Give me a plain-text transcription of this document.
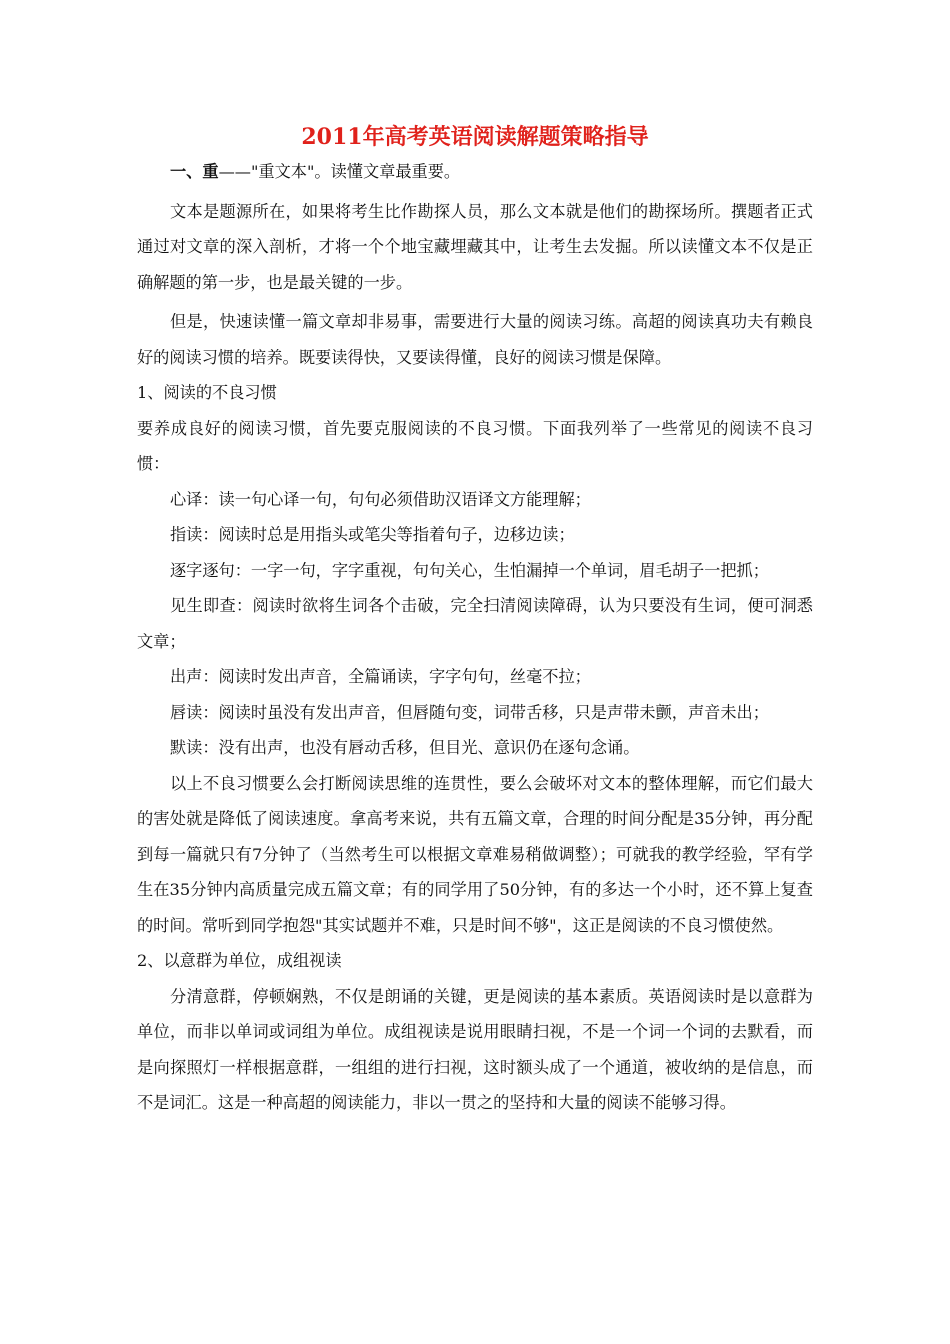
2011年高考英语阅读解题策略指导

一、重——"重文本"。读懂文章最重要。

文本是题源所在，如果将考生比作勘探人员，那么文本就是他们的勘探场所。撰题者正式通过对文章的深入剖析，才将一个个地宝藏埋藏其中，让考生去发掘。所以读懂文本不仅是正确解题的第一步，也是最关键的一步。

但是，快速读懂一篇文章却非易事，需要进行大量的阅读习练。高超的阅读真功夫有赖良好的阅读习惯的培养。既要读得快，又要读得懂，良好的阅读习惯是保障。

1、阅读的不良习惯

要养成良好的阅读习惯，首先要克服阅读的不良习惯。下面我列举了一些常见的阅读不良习惯：

心译：读一句心译一句，句句必须借助汉语译文方能理解；

指读：阅读时总是用指头或笔尖等指着句子，边移边读；

逐字逐句：一字一句，字字重视，句句关心，生怕漏掉一个单词，眉毛胡子一把抓；

见生即查：阅读时欲将生词各个击破，完全扫清阅读障碍，认为只要没有生词，便可洞悉文章；

出声：阅读时发出声音，全篇诵读，字字句句，丝毫不拉；

唇读：阅读时虽没有发出声音，但唇随句变，词带舌移，只是声带未颤，声音未出；

默读：没有出声，也没有唇动舌移，但目光、意识仍在逐句念诵。

以上不良习惯要么会打断阅读思维的连贯性，要么会破坏对文本的整体理解，而它们最大的害处就是降低了阅读速度。拿高考来说，共有五篇文章，合理的时间分配是35分钟，再分配到每一篇就只有7分钟了（当然考生可以根据文章难易稍做调整）；可就我的教学经验，罕有学生在35分钟内高质量完成五篇文章；有的同学用了50分钟，有的多达一个小时，还不算上复查的时间。常听到同学抱怨"其实试题并不难，只是时间不够"，这正是阅读的不良习惯使然。

2、以意群为单位，成组视读

分清意群，停顿娴熟，不仅是朗诵的关键，更是阅读的基本素质。英语阅读时是以意群为单位，而非以单词或词组为单位。成组视读是说用眼睛扫视，不是一个词一个词的去默看，而是向探照灯一样根据意群，一组组的进行扫视，这时额头成了一个通道，被收纳的是信息，而不是词汇。这是一种高超的阅读能力，非以一贯之的坚持和大量的阅读不能够习得。
